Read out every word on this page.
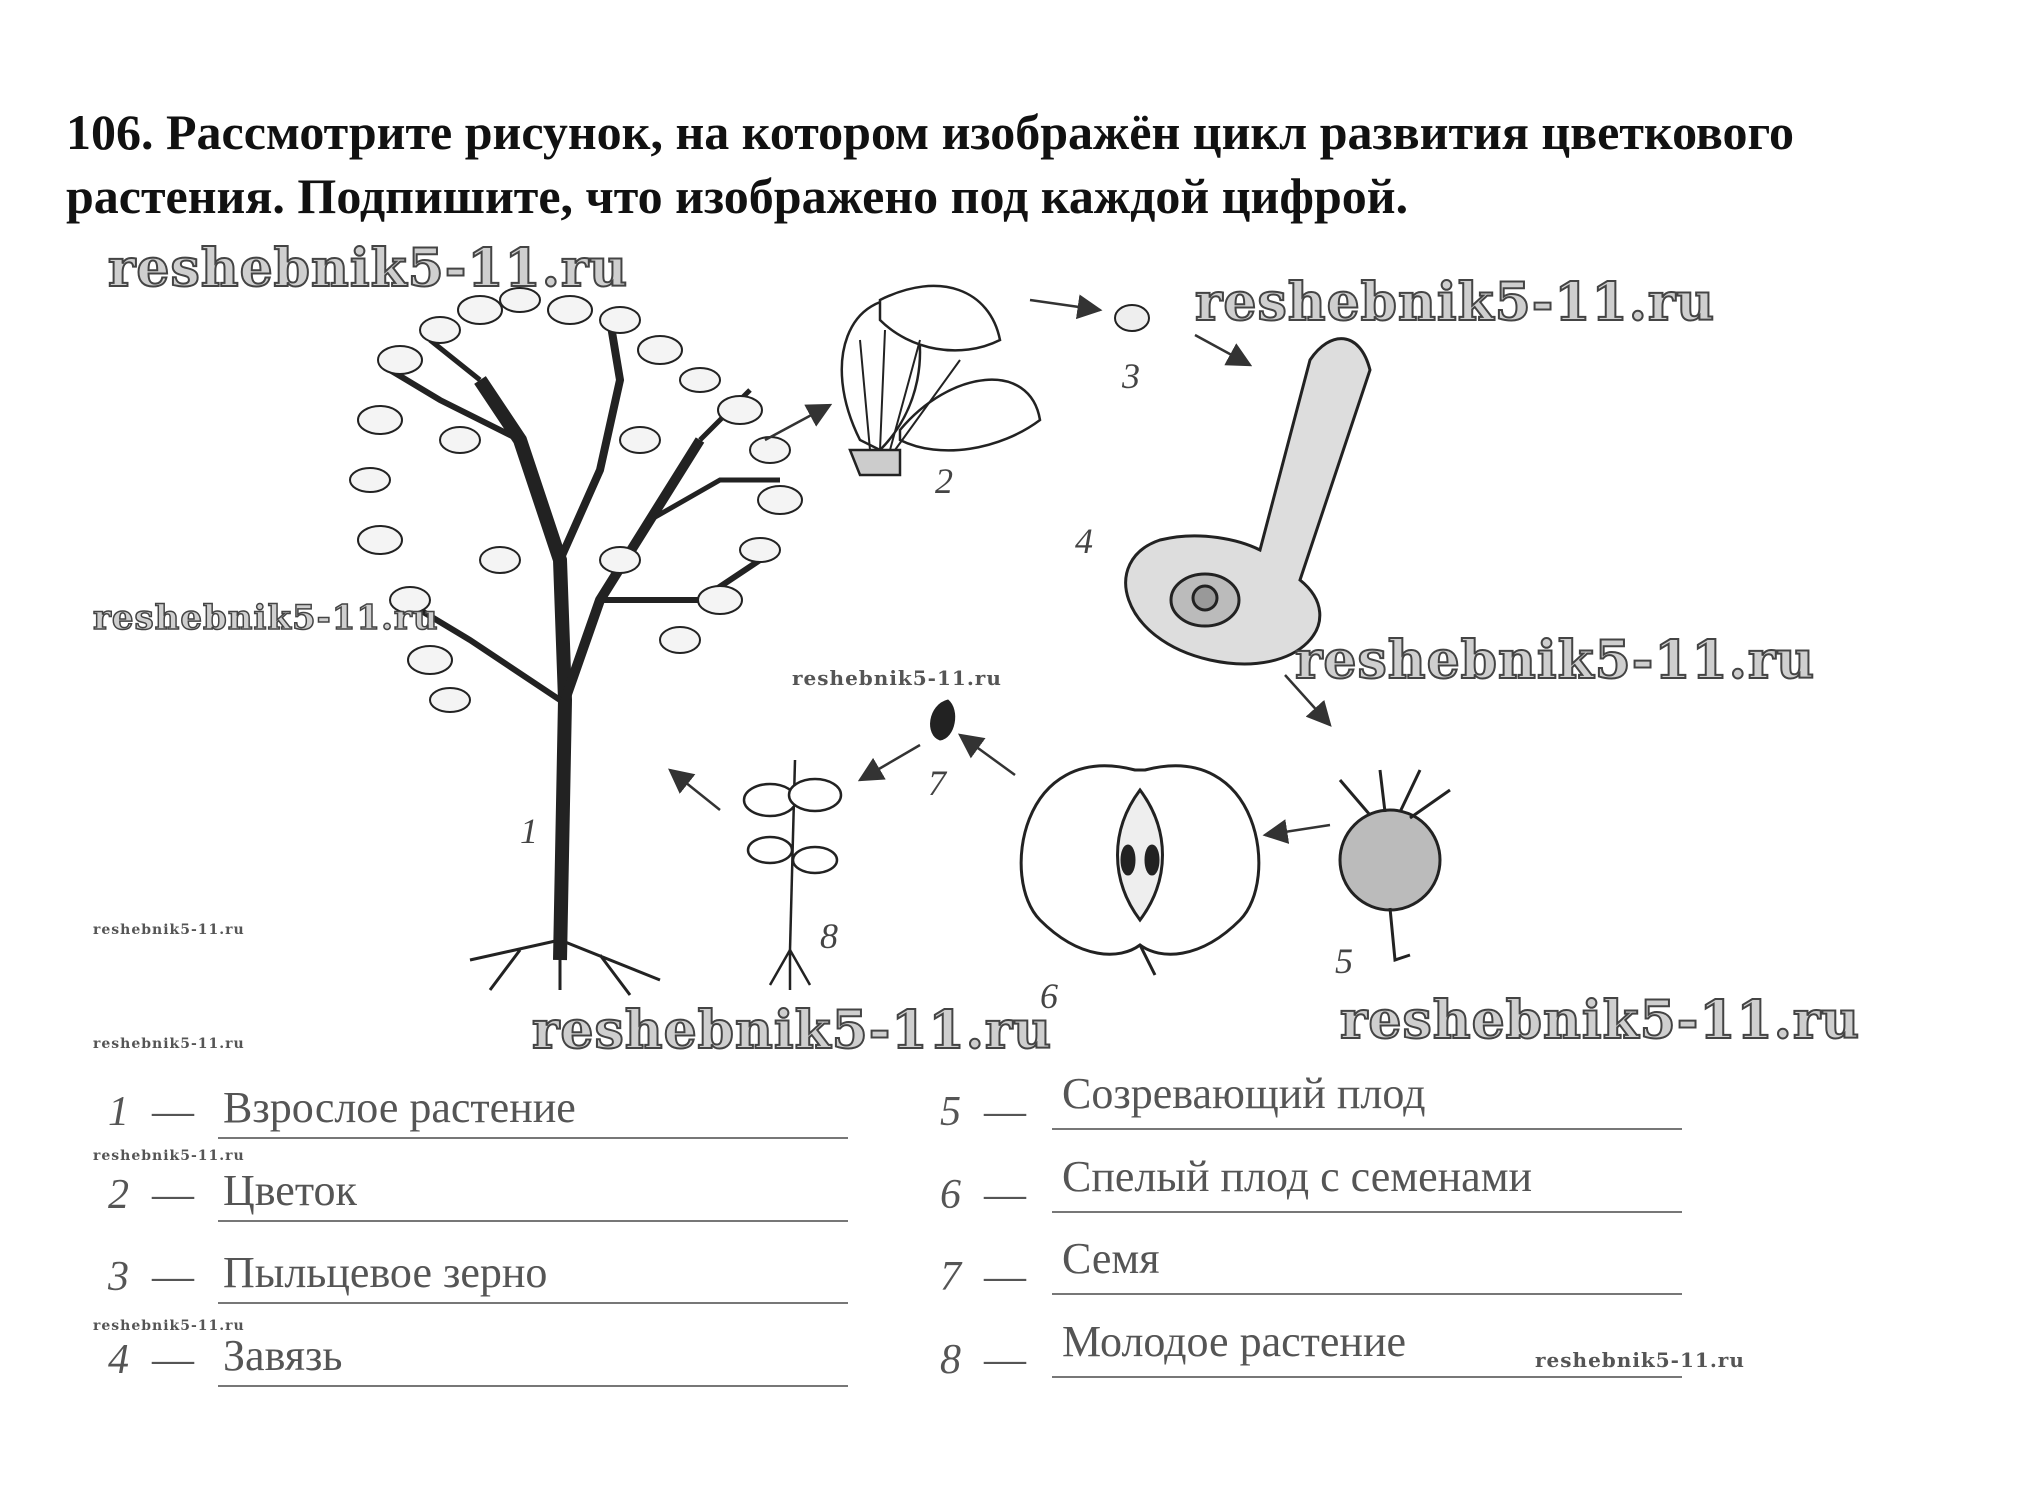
106. Рассмотрите рисунок, на котором изображён цикл развития цветкового растения. Подпишите, что изображено под каждой цифрой.
1
2
3
4
5
6
7
8
reshebnik5-11.ru
reshebnik5-11.ru
reshebnik5-11.ru
reshebnik5-11.ru	reshebnik5-11.ru
reshebnik5-11.ru	reshebnik5-11.ru
reshebnik5-11.ru
reshebnik5-11.ru
reshebnik5-11.ru
reshebnik5-11.ru
reshebnik5-11.ru
1 — Взрослое растение
2 — Цветок
3 — Пыльцевое зерно
4 — Завязь
5 — Созревающий плод
6 — Спелый плод с семенами
7 — Семя
8 — Молодое растение
